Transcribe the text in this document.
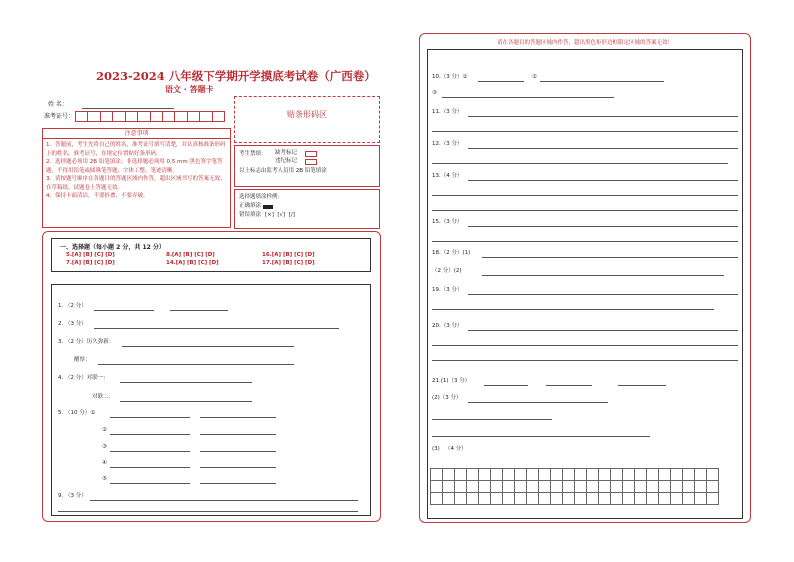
2023-2024 八年级下学期开学摸底考试卷（广西卷）
语文 · 答题卡
姓 名：
准考证号：	贴条形码区
注意事项
1．答题前，考生先将自己的姓名，准考证号填写清楚，并认真核准条形码上的姓名，准考证号，在规定位置贴好条形码。
2．选择题必须用 2B 铅笔填涂；非选择题必须用 0.5 mm 黑色签字笔答题，不得用铅笔或圆珠笔答题；字体工整、笔迹清晰。
3．请按题号顺序在各题目的答题区域内作答，超出区域书写的答案无效；在草稿纸、试题卷上答题无效。
4．保持卡面清洁，不要折叠、不要弄破。
考生禁填： 缺考标记
违纪标记
以上标志由监考人员用 2B 铅笔填涂
选择题填涂样例：
正确填涂
错误填涂 [×]  [√]  [/]
一、选择题（每小题 2 分，共 12 分）
5.[A] [B] [C] [D]	8.[A] [B] [C] [D]	16.[A] [B] [C] [D]
7.[A] [B] [C] [D]	14.[A] [B] [C] [D]	17.[A] [B] [C] [D]
1. （2 分）
2. （3 分）
3. （2 分）历久弥新：
醋厚：
4. （2 分）对联一：
对联二：
5. （10 分）①
②
③
④
⑤
9. （3 分）
请在各题目的答题区域内作答，超出黑色矩形边框限定区域的答案无效！
10.（3 分）①	②
③
11.（3 分）
12.（3 分）
13.（4 分）
15.（3 分）
18.（2 分）(1)
（2 分）(2)
19.（3 分）
20.（3 分）
21.(1)（3 分）
(2)（3 分）
(3)   （4 分）
